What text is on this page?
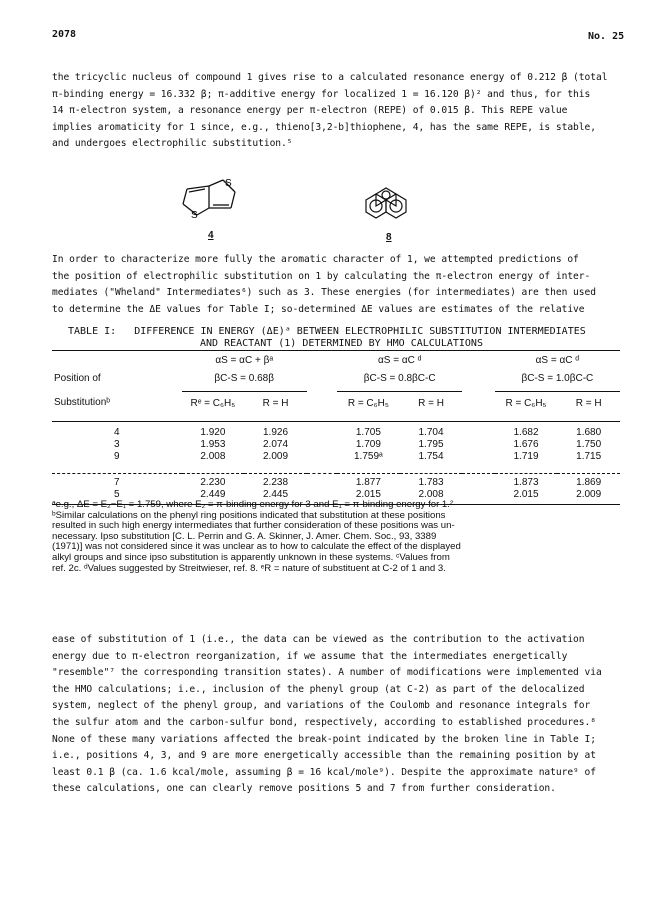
2078	No. 25

the tricyclic nucleus of compound 1 gives rise to a calculated resonance energy of 0.212 β (total

π-binding energy = 16.332 β; π-additive energy for localized 1 = 16.120 β)² and thus, for this

14 π-electron system, a resonance energy per π-electron (REPE) of 0.015 β. This REPE value

implies aromaticity for 1 since, e.g., thieno[3,2-b]thiophene, 4, has the same REPE, is stable,

and undergoes electrophilic substitution.⁵

S
S
4	8

In order to characterize more fully the aromatic character of 1, we attempted predictions of

the position of electrophilic substitution on 1 by calculating the π-electron energy of inter-

mediates ("Wheland" Intermediates⁶) such as 3. These energies (for intermediates) are then used

to determine the ΔE values for Table I; so-determined ΔE values are estimates of the relative

TABLE I:   DIFFERENCE IN ENERGY (ΔE)ᵃ BETWEEN ELECTROPHILIC SUBSTITUTION INTERMEDIATES
AND REACTANT (1) DETERMINED BY HMO CALCULATIONS
	αS = αC + βᵃ			αS = αC ᵈ			αS = αC ᵈ	
Position of	βC-S = 0.68β			βC-S = 0.8βC-C			βC-S = 1.0βC-C	
Substitutionᵇ	Rᵉ = C₆H₅	R = H		R = C₆H₅	R = H		R = C₆H₅	R = H

4	1.920	1.926		1.705	1.704		1.682	1.680
3	1.953	2.074		1.709	1.795		1.676	1.750
9	2.008	2.009		1.759ᵃ	1.754		1.719	1.715

7	2.230	2.238		1.877	1.783		1.873	1.869
5	2.449	2.445		2.015	2.008		2.015	2.009

ᵃe.g., ΔE = E₂−E₁ = 1.759, where E₂ = π-binding energy for 3 and E₁ = π-binding energy for 1.²

ᵇSimilar calculations on the phenyl ring positions indicated that substitution at these positions

resulted in such high energy intermediates that further consideration of these positions was un-

necessary. Ipso substitution [C. L. Perrin and G. A. Skinner, J. Amer. Chem. Soc., 93, 3389

(1971)] was not considered since it was unclear as to how to calculate the effect of the displayed

alkyl groups and since ipso substitution is apparently unknown in these systems. ᶜValues from

ref. 2c. ᵈValues suggested by Streitwieser, ref. 8. ᵉR = nature of substituent at C-2 of 1 and 3.

ease of substitution of 1 (i.e., the data can be viewed as the contribution to the activation

energy due to π-electron reorganization, if we assume that the intermediates energetically

"resemble"⁷ the corresponding transition states). A number of modifications were implemented via

the HMO calculations; i.e., inclusion of the phenyl group (at C-2) as part of the delocalized

system, neglect of the phenyl group, and variations of the Coulomb and resonance integrals for

the sulfur atom and the carbon-sulfur bond, respectively, according to established procedures.⁸

None of these many variations affected the break-point indicated by the broken line in Table I;

i.e., positions 4, 3, and 9 are more energetically accessible than the remaining position by at

least 0.1 β (ca. 1.6 kcal/mole, assuming β = 16 kcal/mole⁹). Despite the approximate nature⁹ of

these calculations, one can clearly remove positions 5 and 7 from further consideration.
